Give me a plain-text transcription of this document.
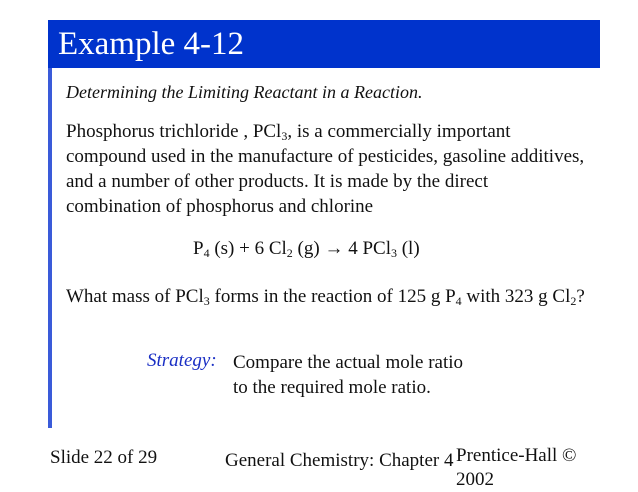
Example 4-12
Determining the Limiting Reactant in a Reaction.

Phosphorus trichloride , PCl$_3$, is a commercially important compound used in the manufacture of pesticides, gasoline additives, and a number of other products. It is made by the direct combination of phosphorus and chlorine

$P_4$ (s) + 6 $Cl_2$ (g) → 4 PCl$_3$ (l)
What mass of PCl$_3$ forms in the reaction of 125 g $P_4$ with 323 g $Cl_2$?
Strategy: Compare the actual mole ratio
to the required mole ratio.
Slide 22 of 29	General Chemistry: Chapter 4 Prentice-Hall © 2002
